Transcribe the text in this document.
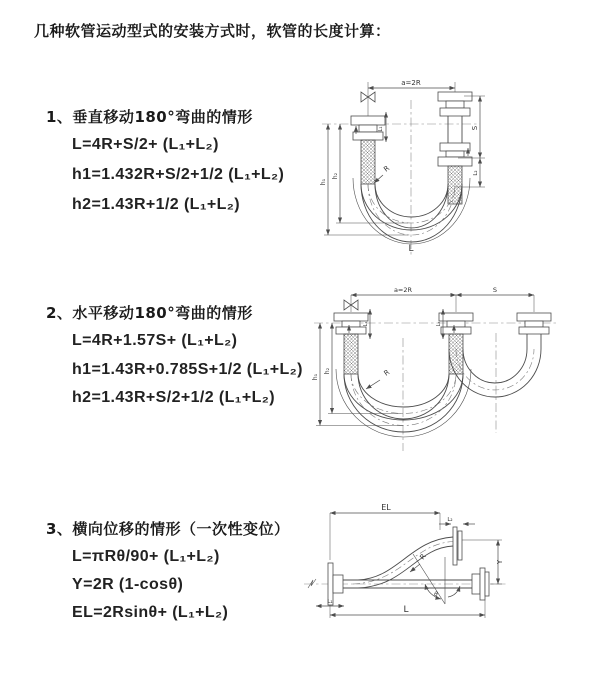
几种软管运动型式的安装方式时，软管的长度计算：
1、垂直移动180°弯曲的情形
L=4R+S/2+ (L₁+L₂)
h1=1.432R+S/2+1/2 (L₁+L₂)
h2=1.43R+1/2 (L₁+L₂)
2、水平移动180°弯曲的情形
L=4R+1.57S+ (L₁+L₂)
h1=1.43R+0.785S+1/2 (L₁+L₂)
h2=1.43R+S/2+1/2 (L₁+L₂)
3、横向位移的情形（一次性变位）
L=πRθ/90+ (L₁+L₂)
Y=2R (1-cosθ)
EL=2Rsinθ+ (L₁+L₂)
a=2R
L₁	S
L₂
h₂
h₁
R
L
a=2R	S
L₁	L₂
h₂
h₁	R
θ
EL
L₂
Y
L
L₁
R
